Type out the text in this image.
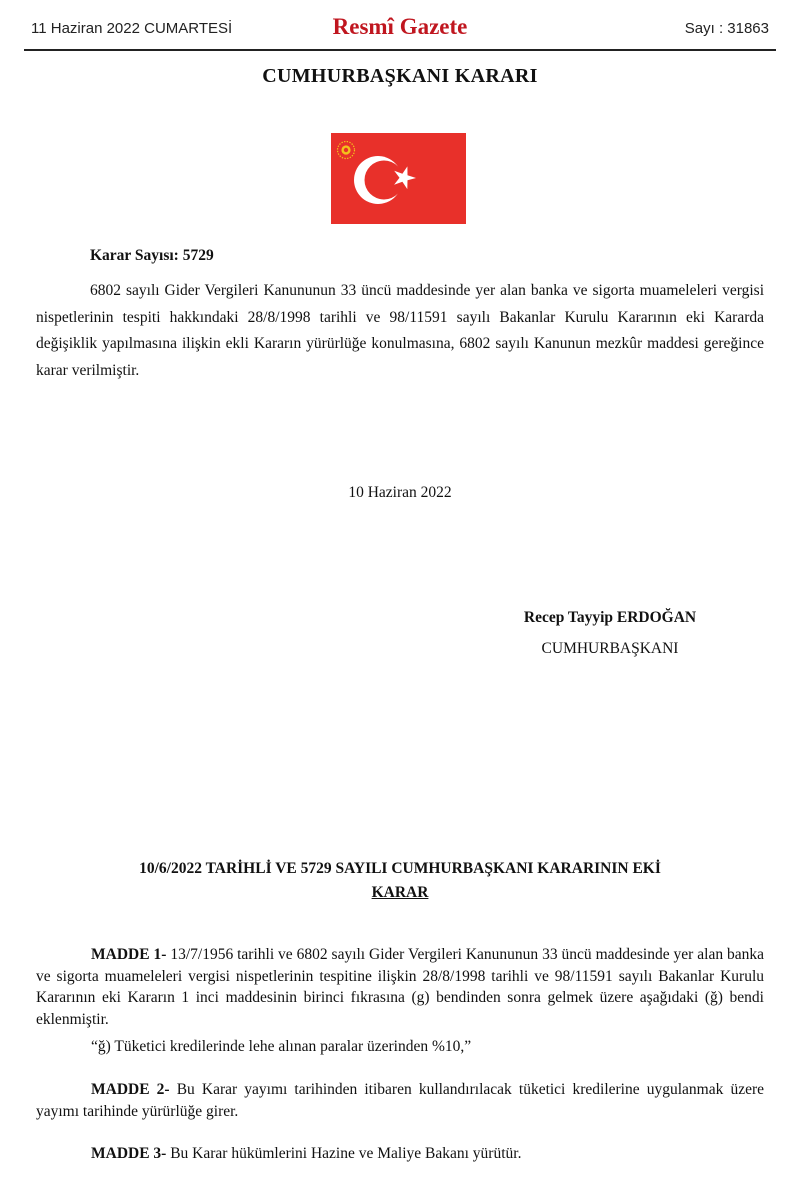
11 Haziran 2022 CUMARTESİ	Resmî Gazete	Sayı : 31863
CUMHURBAŞKANI KARARI
Karar Sayısı: 5729

6802 sayılı Gider Vergileri Kanununun 33 üncü maddesinde yer alan banka ve sigorta muameleleri vergisi nispetlerinin tespiti hakkındaki 28/8/1998 tarihli ve 98/11591 sayılı Bakanlar Kurulu Kararının eki Kararda değişiklik yapılmasına ilişkin ekli Kararın yürürlüğe konulmasına, 6802 sayılı Kanunun mezkûr maddesi gereğince karar verilmiştir.

10 Haziran 2022
Recep Tayyip ERDOĞAN
CUMHURBAŞKANI
10/6/2022 TARİHLİ VE 5729 SAYILI CUMHURBAŞKANI KARARININ EKİ
KARAR

MADDE 1- 13/7/1956 tarihli ve 6802 sayılı Gider Vergileri Kanununun 33 üncü maddesinde yer alan banka ve sigorta muameleleri vergisi nispetlerinin tespitine ilişkin 28/8/1998 tarihli ve 98/11591 sayılı Bakanlar Kurulu Kararının eki Kararın 1 inci maddesinin birinci fıkrasına (g) bendinden sonra gelmek üzere aşağıdaki (ğ) bendi eklenmiştir.

“ğ) Tüketici kredilerinde lehe alınan paralar üzerinden %10,”

MADDE 2- Bu Karar yayımı tarihinden itibaren kullandırılacak tüketici kredilerine uygulanmak üzere yayımı tarihinde yürürlüğe girer.

MADDE 3- Bu Karar hükümlerini Hazine ve Maliye Bakanı yürütür.
